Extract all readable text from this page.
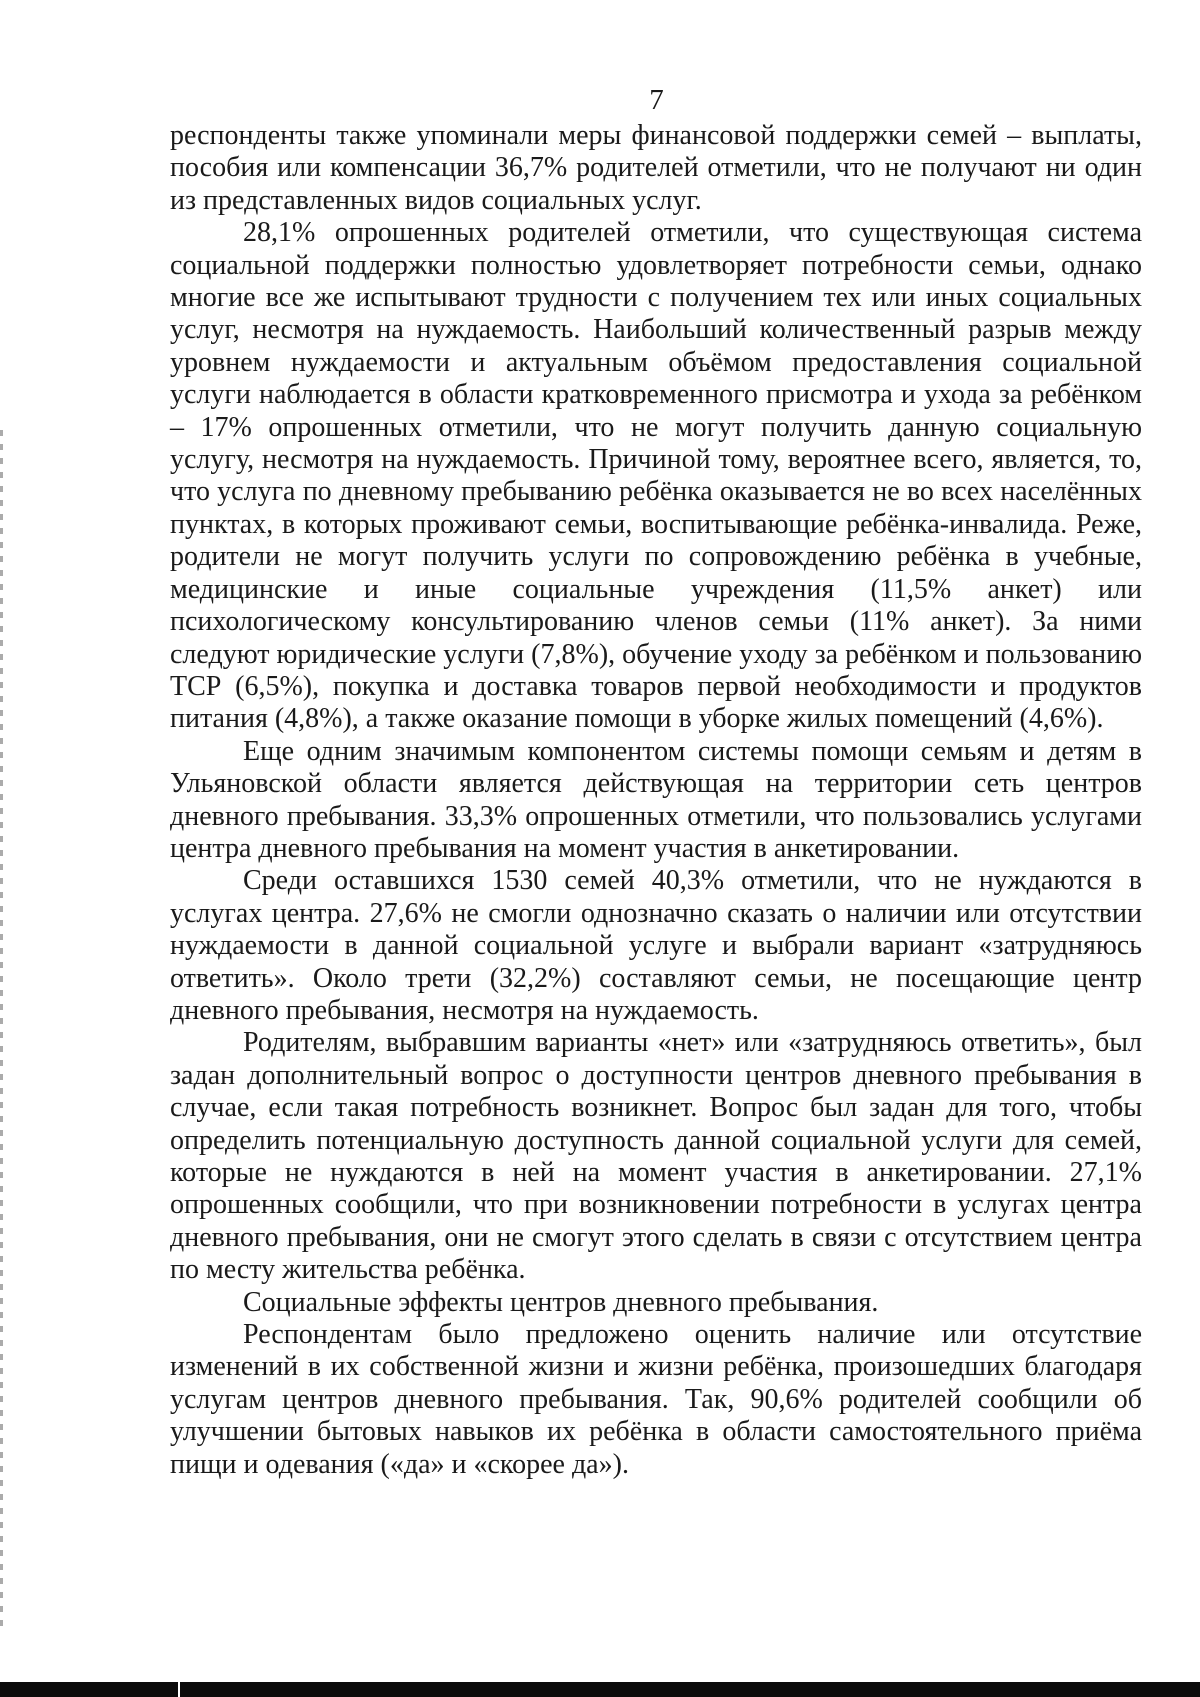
7

респонденты также упоминали меры финансовой поддержки семей – выплаты, пособия или компенсации 36,7% родителей отметили, что не получают ни один из представленных видов социальных услуг.

28,1% опрошенных родителей отметили, что существующая система социальной поддержки полностью удовлетворяет потребности семьи, однако многие все же испытывают трудности с получением тех или иных социальных услуг, несмотря на нуждаемость. Наибольший количественный разрыв между уровнем нуждаемости и актуальным объёмом предоставления социальной услуги наблюдается в области кратковременного присмотра и ухода за ребёнком – 17% опрошенных отметили, что не могут получить данную социальную услугу, несмотря на нуждаемость. Причиной тому, вероятнее всего, является, то, что услуга по дневному пребыванию ребёнка оказывается не во всех населённых пунктах, в которых проживают семьи, воспитывающие ребёнка-инвалида. Реже, родители не могут получить услуги по сопровождению ребёнка в учебные, медицинские и иные социальные учреждения (11,5% анкет) или психологическому консультированию членов семьи (11% анкет). За ними следуют юридические услуги (7,8%), обучение уходу за ребёнком и пользованию ТСР (6,5%), покупка и доставка товаров первой необходимости и продуктов питания (4,8%), а также оказание помощи в уборке жилых помещений (4,6%).

Еще одним значимым компонентом системы помощи семьям и детям в Ульяновской области является действующая на территории сеть центров дневного пребывания. 33,3% опрошенных отметили, что пользовались услугами центра дневного пребывания на момент участия в анкетировании.

Среди оставшихся 1530 семей 40,3% отметили, что не нуждаются в услугах центра. 27,6% не смогли однозначно сказать о наличии или отсутствии нуждаемости в данной социальной услуге и выбрали вариант «затрудняюсь ответить». Около трети (32,2%) составляют семьи, не посещающие центр дневного пребывания, несмотря на нуждаемость.

Родителям, выбравшим варианты «нет» или «затрудняюсь ответить», был задан дополнительный вопрос о доступности центров дневного пребывания в случае, если такая потребность возникнет. Вопрос был задан для того, чтобы определить потенциальную доступность данной социальной услуги для семей, которые не нуждаются в ней на момент участия в анкетировании. 27,1% опрошенных сообщили, что при возникновении потребности в услугах центра дневного пребывания, они не смогут этого сделать в связи с отсутствием центра по месту жительства ребёнка.

Социальные эффекты центров дневного пребывания.

Респондентам было предложено оценить наличие или отсутствие изменений в их собственной жизни и жизни ребёнка, произошедших благодаря услугам центров дневного пребывания. Так, 90,6% родителей сообщили об улучшении бытовых навыков их ребёнка в области самостоятельного приёма пищи и одевания («да» и «скорее да»).
